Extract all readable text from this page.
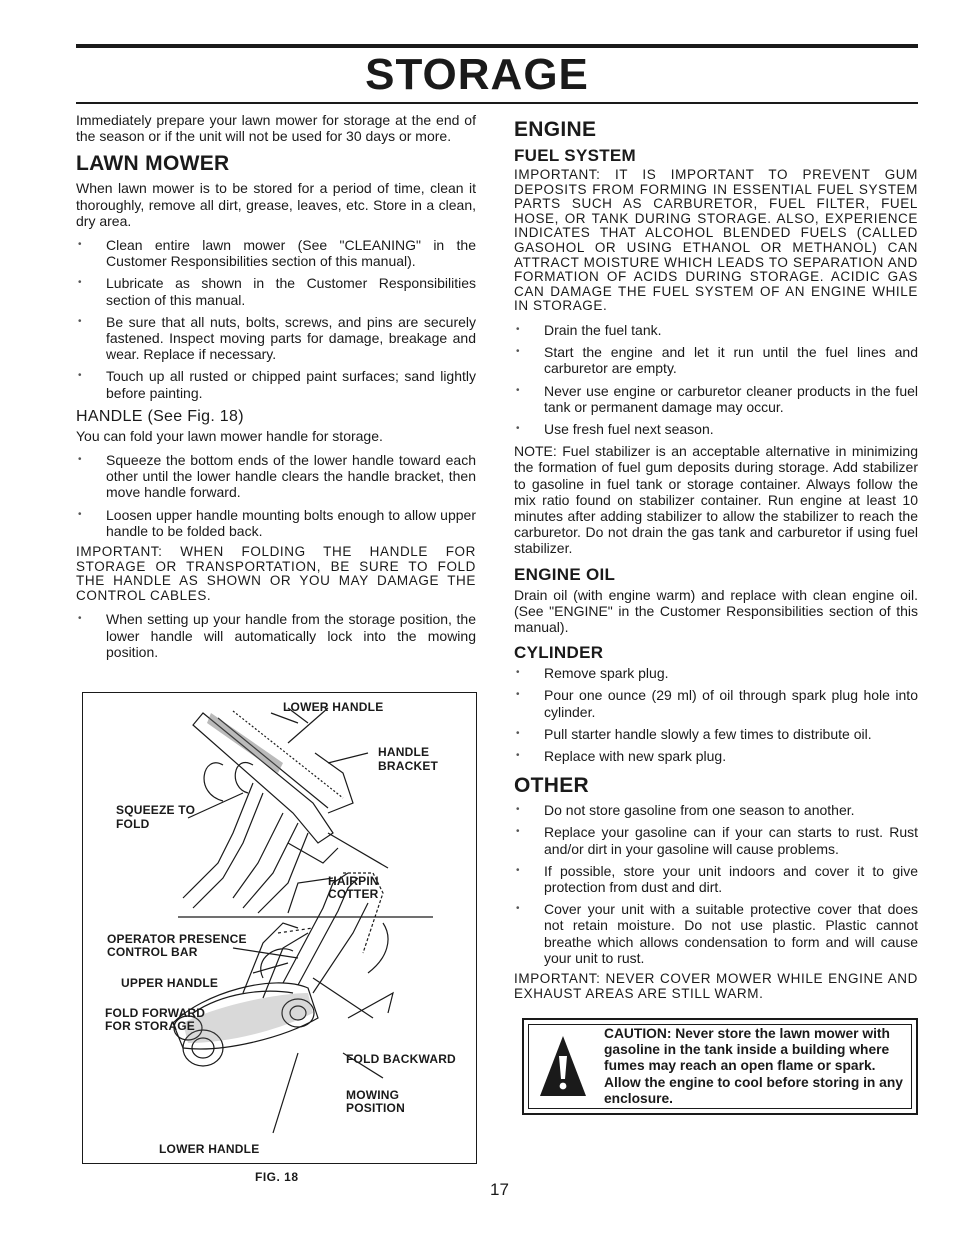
STORAGE

Immediately prepare your lawn mower for storage at the end of the season or if the unit will not be used for 30 days or more.

LAWN MOWER

When lawn mower is to be stored for a period of time, clean it thoroughly, remove all dirt, grease, leaves, etc. Store in a clean, dry area.

• Clean entire lawn mower (See "CLEANING" in the Customer Responsibilities section of this manual).
• Lubricate as shown in the Customer Responsibilities section of this manual.
• Be sure that all nuts, bolts, screws, and pins are securely fastened. Inspect moving parts for damage, breakage and wear. Replace if necessary.
• Touch up all rusted or chipped paint surfaces; sand lightly before painting.
HANDLE (See Fig. 18)

You can fold your lawn mower handle for storage.

• Squeeze the bottom ends of the lower handle toward each other until the lower handle clears the handle bracket, then move handle forward.
• Loosen upper handle mounting bolts enough to allow upper handle to be folded back.
IMPORTANT: WHEN FOLDING THE HANDLE FOR STORAGE OR TRANSPORTATION, BE SURE TO FOLD THE HANDLE AS SHOWN OR YOU MAY DAMAGE THE CONTROL CABLES.
• When setting up your handle from the storage position, the lower handle will automatically lock into the mowing position.
LOWER HANDLE
HANDLE
BRACKET
SQUEEZE TO
FOLD
HAIRPIN
COTTER
OPERATOR PRESENCE
CONTROL BAR
UPPER HANDLE
FOLD FORWARD
FOR STORAGE
FOLD BACKWARD
MOWING
POSITION
LOWER HANDLE
FIG. 18
ENGINE
FUEL SYSTEM
IMPORTANT: IT IS IMPORTANT TO PREVENT GUM DEPOSITS FROM FORMING IN ESSENTIAL FUEL SYSTEM PARTS SUCH AS CARBURETOR, FUEL FILTER, FUEL HOSE, OR TANK DURING STORAGE. ALSO, EXPERIENCE INDICATES THAT ALCOHOL BLENDED FUELS (CALLED GASOHOL OR USING ETHANOL OR METHANOL) CAN ATTRACT MOISTURE WHICH LEADS TO SEPARATION AND FORMATION OF ACIDS DURING STORAGE. ACIDIC GAS CAN DAMAGE THE FUEL SYSTEM OF AN ENGINE WHILE IN STORAGE.
• Drain the fuel tank.
• Start the engine and let it run until the fuel lines and carburetor are empty.
• Never use engine or carburetor cleaner products in the fuel tank or permanent damage may occur.
• Use fresh fuel next season.

NOTE: Fuel stabilizer is an acceptable alternative in minimizing the formation of fuel gum deposits during storage. Add stabilizer to gasoline in fuel tank or storage container. Always follow the mix ratio found on stabilizer container. Run engine at least 10 minutes after adding stabilizer to allow the stabilizer to reach the carburetor. Do not drain the gas tank and carburetor if using fuel stabilizer.

ENGINE OIL

Drain oil (with engine warm) and replace with clean engine oil. (See "ENGINE" in the Customer Responsibilities section of this manual).

CYLINDER
• Remove spark plug.
• Pour one ounce (29 ml) of oil through spark plug hole into cylinder.
• Pull starter handle slowly a few times to distribute oil.
• Replace with new spark plug.
OTHER
• Do not store gasoline from one season to another.
• Replace your gasoline can if your can starts to rust. Rust and/or dirt in your gasoline will cause problems.
• If possible, store your unit indoors and cover it to give protection from dust and dirt.
• Cover your unit with a suitable protective cover that does not retain moisture. Do not use plastic. Plastic cannot breathe which allows condensation to form and will cause your unit to rust.
IMPORTANT: NEVER COVER MOWER WHILE ENGINE AND EXHAUST AREAS ARE STILL WARM.
CAUTION: Never store the lawn mower with gasoline in the tank inside a building where fumes may reach an open flame or spark. Allow the engine to cool before storing in any enclosure.
17
